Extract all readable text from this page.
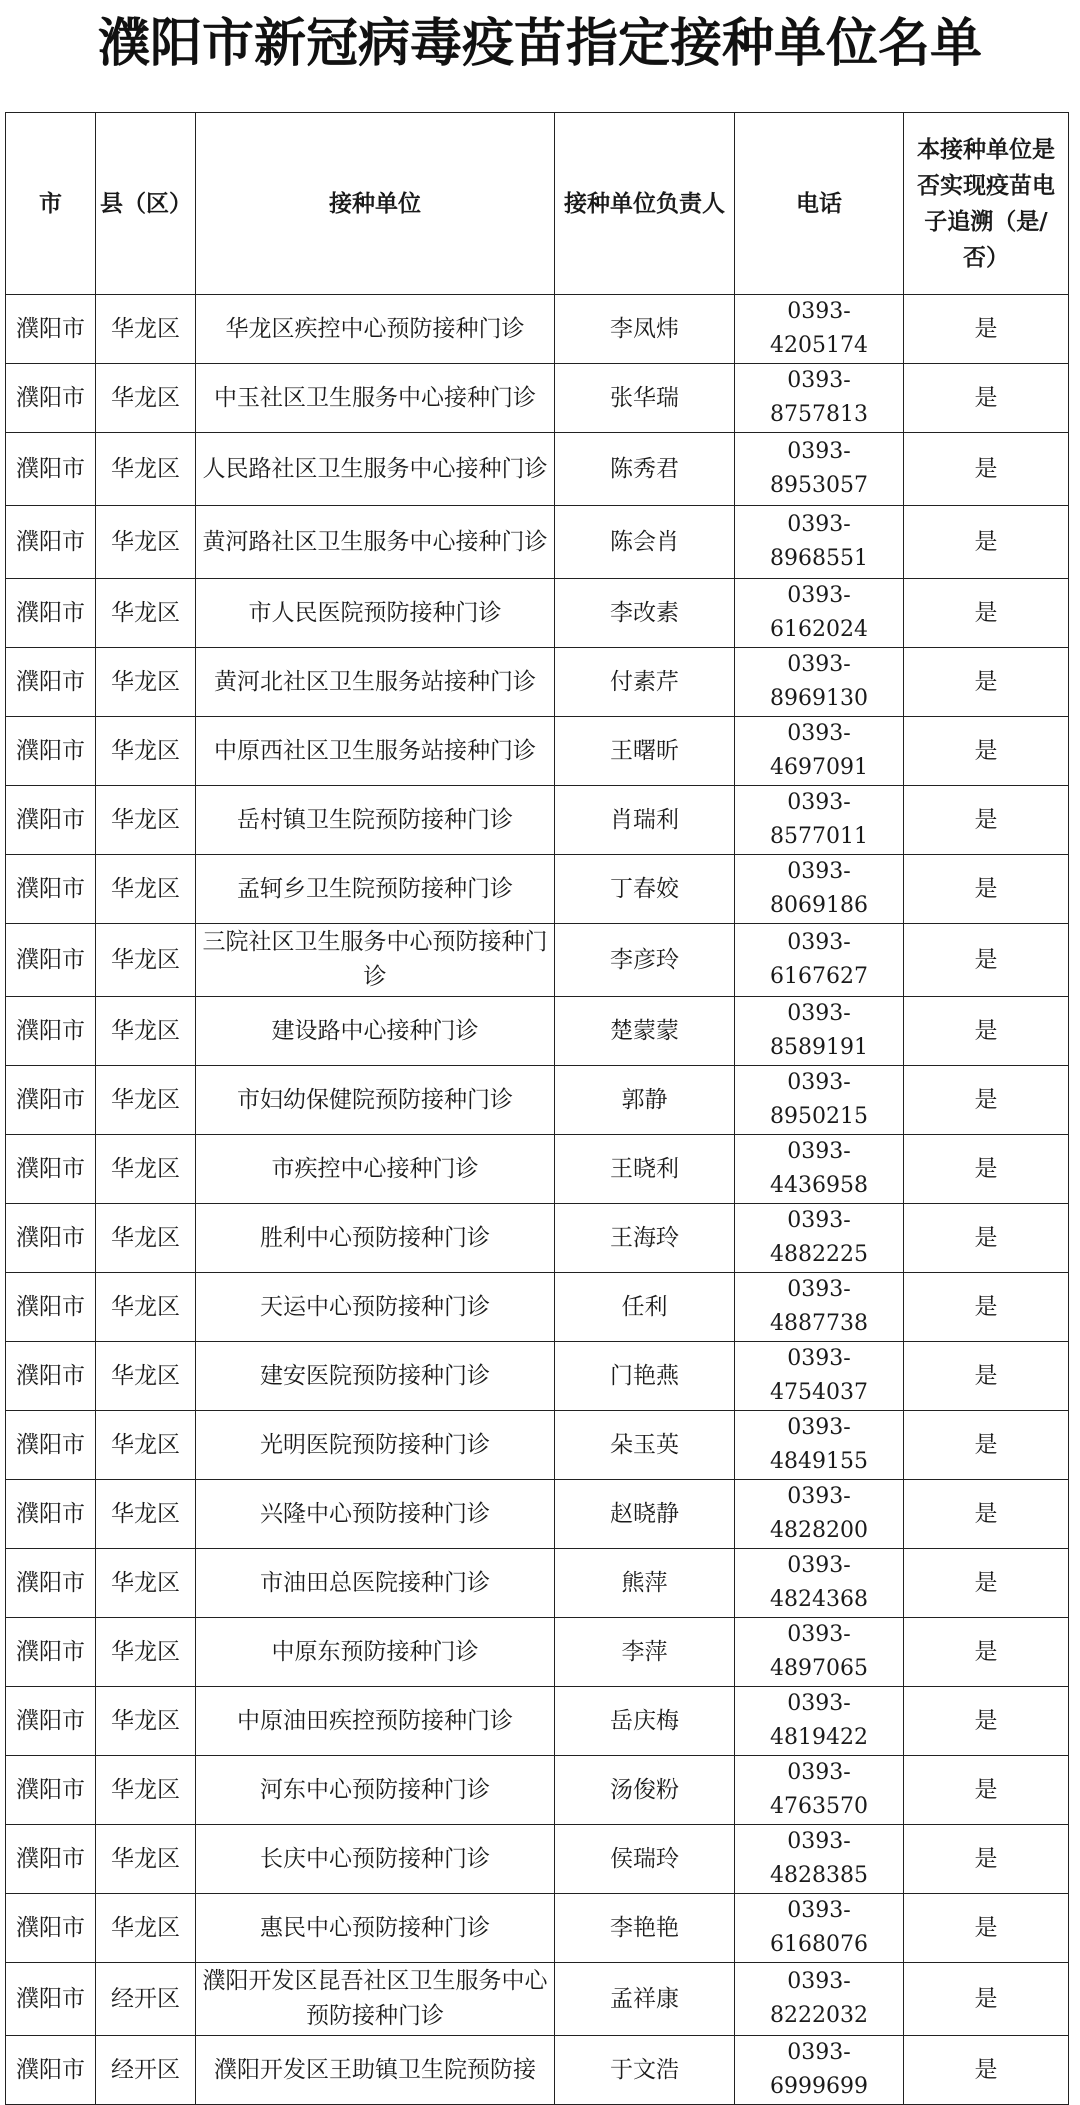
濮阳市新冠病毒疫苗指定接种单位名单
市	县（区）	接种单位	接种单位负责人	电话	本接种单位是否实现疫苗电子追溯（是/否）
濮阳市	华龙区	华龙区疾控中心预防接种门诊	李凤炜	0393-4205174	是
濮阳市	华龙区	中玉社区卫生服务中心接种门诊	张华瑞	0393-8757813	是
濮阳市	华龙区	人民路社区卫生服务中心接种门诊	陈秀君	0393-8953057	是
濮阳市	华龙区	黄河路社区卫生服务中心接种门诊	陈会肖	0393-8968551	是
濮阳市	华龙区	市人民医院预防接种门诊	李改素	0393-6162024	是
濮阳市	华龙区	黄河北社区卫生服务站接种门诊	付素芹	0393-8969130	是
濮阳市	华龙区	中原西社区卫生服务站接种门诊	王曙昕	0393-4697091	是
濮阳市	华龙区	岳村镇卫生院预防接种门诊	肖瑞利	0393-8577011	是
濮阳市	华龙区	孟轲乡卫生院预防接种门诊	丁春姣	0393-8069186	是
濮阳市	华龙区	三院社区卫生服务中心预防接种门诊	李彦玲	0393-6167627	是
濮阳市	华龙区	建设路中心接种门诊	楚蒙蒙	0393-8589191	是
濮阳市	华龙区	市妇幼保健院预防接种门诊	郭静	0393-8950215	是
濮阳市	华龙区	市疾控中心接种门诊	王晓利	0393-4436958	是
濮阳市	华龙区	胜利中心预防接种门诊	王海玲	0393-4882225	是
濮阳市	华龙区	天运中心预防接种门诊	任利	0393-4887738	是
濮阳市	华龙区	建安医院预防接种门诊	门艳燕	0393-4754037	是
濮阳市	华龙区	光明医院预防接种门诊	朵玉英	0393-4849155	是
濮阳市	华龙区	兴隆中心预防接种门诊	赵晓静	0393-4828200	是
濮阳市	华龙区	市油田总医院接种门诊	熊萍	0393-4824368	是
濮阳市	华龙区	中原东预防接种门诊	李萍	0393-4897065	是
濮阳市	华龙区	中原油田疾控预防接种门诊	岳庆梅	0393-4819422	是
濮阳市	华龙区	河东中心预防接种门诊	汤俊粉	0393-4763570	是
濮阳市	华龙区	长庆中心预防接种门诊	侯瑞玲	0393-4828385	是
濮阳市	华龙区	惠民中心预防接种门诊	李艳艳	0393-6168076	是
濮阳市	经开区	濮阳开发区昆吾社区卫生服务中心预防接种门诊	孟祥康	0393-8222032	是
濮阳市	经开区	濮阳开发区王助镇卫生院预防接	于文浩	0393-6999699	是
